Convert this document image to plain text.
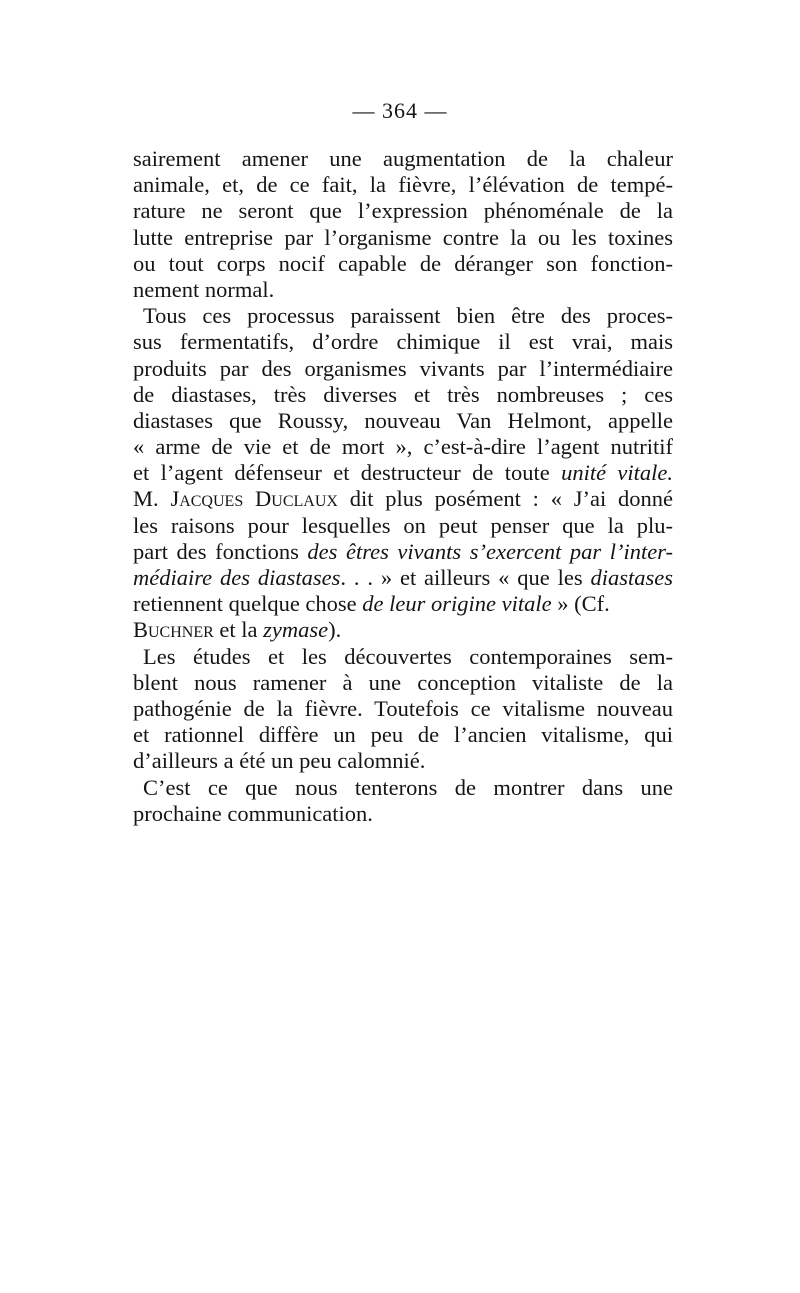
— 364 —
sairement amener une augmentation de la chaleur
animale, et, de ce fait, la fièvre, l’élévation de tempé-
rature ne seront que l’expression phénoménale de la
lutte entreprise par l’organisme contre la ou les toxines
ou tout corps nocif capable de déranger son fonction-
nement normal.
Tous ces processus paraissent bien être des proces-
sus fermentatifs, d’ordre chimique il est vrai, mais
produits par des organismes vivants par l’intermédiaire
de diastases, très diverses et très nombreuses ; ces
diastases que Roussy, nouveau Van Helmont, appelle
« arme de vie et de mort », c’est-à-dire l’agent nutritif
et l’agent défenseur et destructeur de toute unité vitale.
M. Jacques Duclaux dit plus posément : « J’ai donné
les raisons pour lesquelles on peut penser que la plu-
part des fonctions des êtres vivants s’exercent par l’inter-
médiaire des diastases. . . » et ailleurs « que les diastases
retiennent quelque chose de leur origine vitale » (Cf.
Buchner et la zymase).
Les études et les découvertes contemporaines sem-
blent nous ramener à une conception vitaliste de la
pathogénie de la fièvre. Toutefois ce vitalisme nouveau
et rationnel diffère un peu de l’ancien vitalisme, qui
d’ailleurs a été un peu calomnié.
C’est ce que nous tenterons de montrer dans une
prochaine communication.
